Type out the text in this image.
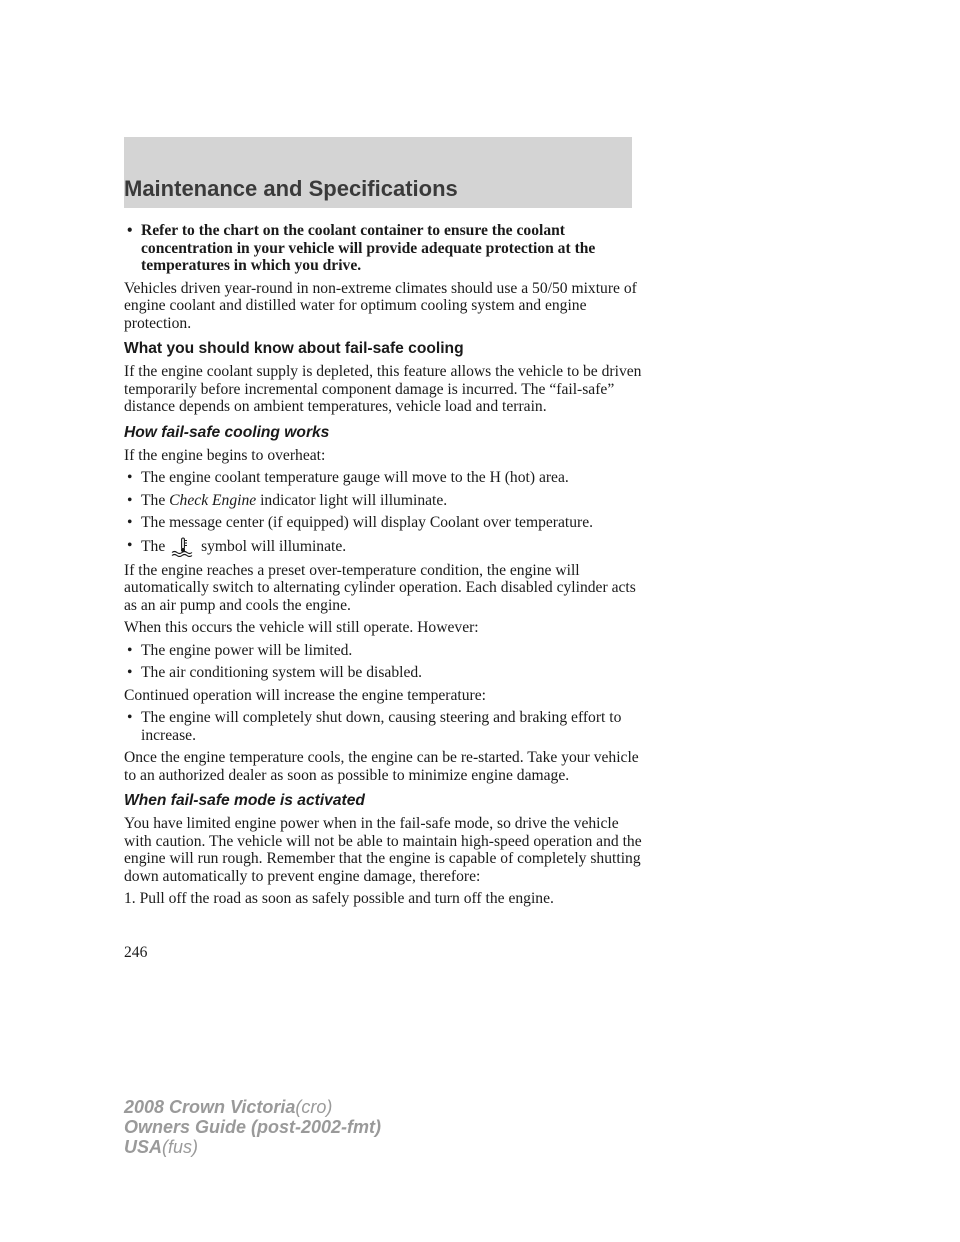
Maintenance and Specifications
• Refer to the chart on the coolant container to ensure the coolant concentration in your vehicle will provide adequate protection at the temperatures in which you drive.

Vehicles driven year-round in non-extreme climates should use a 50/50 mixture of engine coolant and distilled water for optimum cooling system and engine protection.

What you should know about fail-safe cooling

If the engine coolant supply is depleted, this feature allows the vehicle to be driven temporarily before incremental component damage is incurred. The “fail-safe” distance depends on ambient temperatures, vehicle load and terrain.

How fail-safe cooling works

If the engine begins to overheat:

• The engine coolant temperature gauge will move to the H (hot) area.
• The Check Engine indicator light will illuminate.
• The message center (if equipped) will display Coolant over temperature.
• The symbol will illuminate.

If the engine reaches a preset over-temperature condition, the engine will automatically switch to alternating cylinder operation. Each disabled cylinder acts as an air pump and cools the engine.

When this occurs the vehicle will still operate. However:

• The engine power will be limited.
• The air conditioning system will be disabled.

Continued operation will increase the engine temperature:

• The engine will completely shut down, causing steering and braking effort to increase.

Once the engine temperature cools, the engine can be re-started. Take your vehicle to an authorized dealer as soon as possible to minimize engine damage.

When fail-safe mode is activated

You have limited engine power when in the fail-safe mode, so drive the vehicle with caution. The vehicle will not be able to maintain high-speed operation and the engine will run rough. Remember that the engine is capable of completely shutting down automatically to prevent engine damage, therefore:

1. Pull off the road as soon as safely possible and turn off the engine.

246
2008 Crown Victoria(cro)
Owners Guide (post-2002-fmt)
USA(fus)
